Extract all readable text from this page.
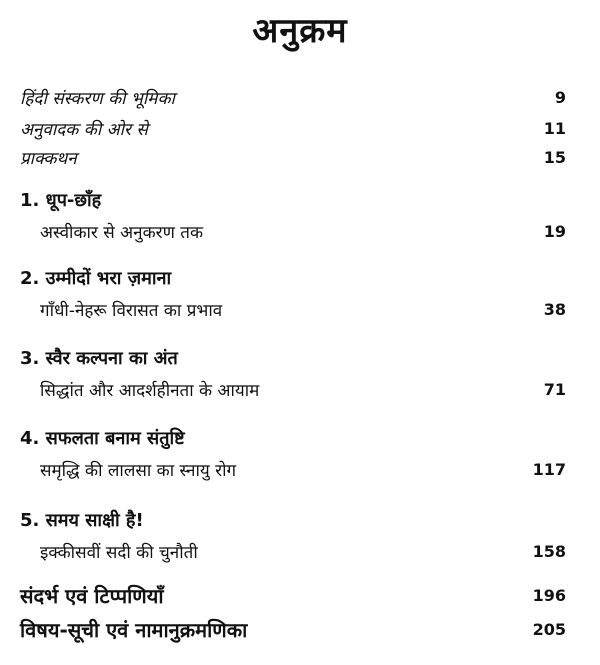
अनुक्रम
हिंदी संस्करण की भूमिका	9
अनुवादक की ओर से	11
प्राक्कथन	15
1. धूप-छाँह
अस्वीकार से अनुकरण तक	19
2. उम्मीदों भरा ज़माना
गाँधी-नेहरू विरासत का प्रभाव	38
3. स्वैर कल्पना का अंत
सिद्धांत और आदर्शहीनता के आयाम	71
4. सफलता बनाम संतुष्टि
समृद्धि की लालसा का स्नायु रोग	117
5. समय साक्षी है!
इक्कीसवीं सदी की चुनौती	158
संदर्भ एवं टिप्पणियाँ	196
विषय-सूची एवं नामानुक्रमणिका	205
